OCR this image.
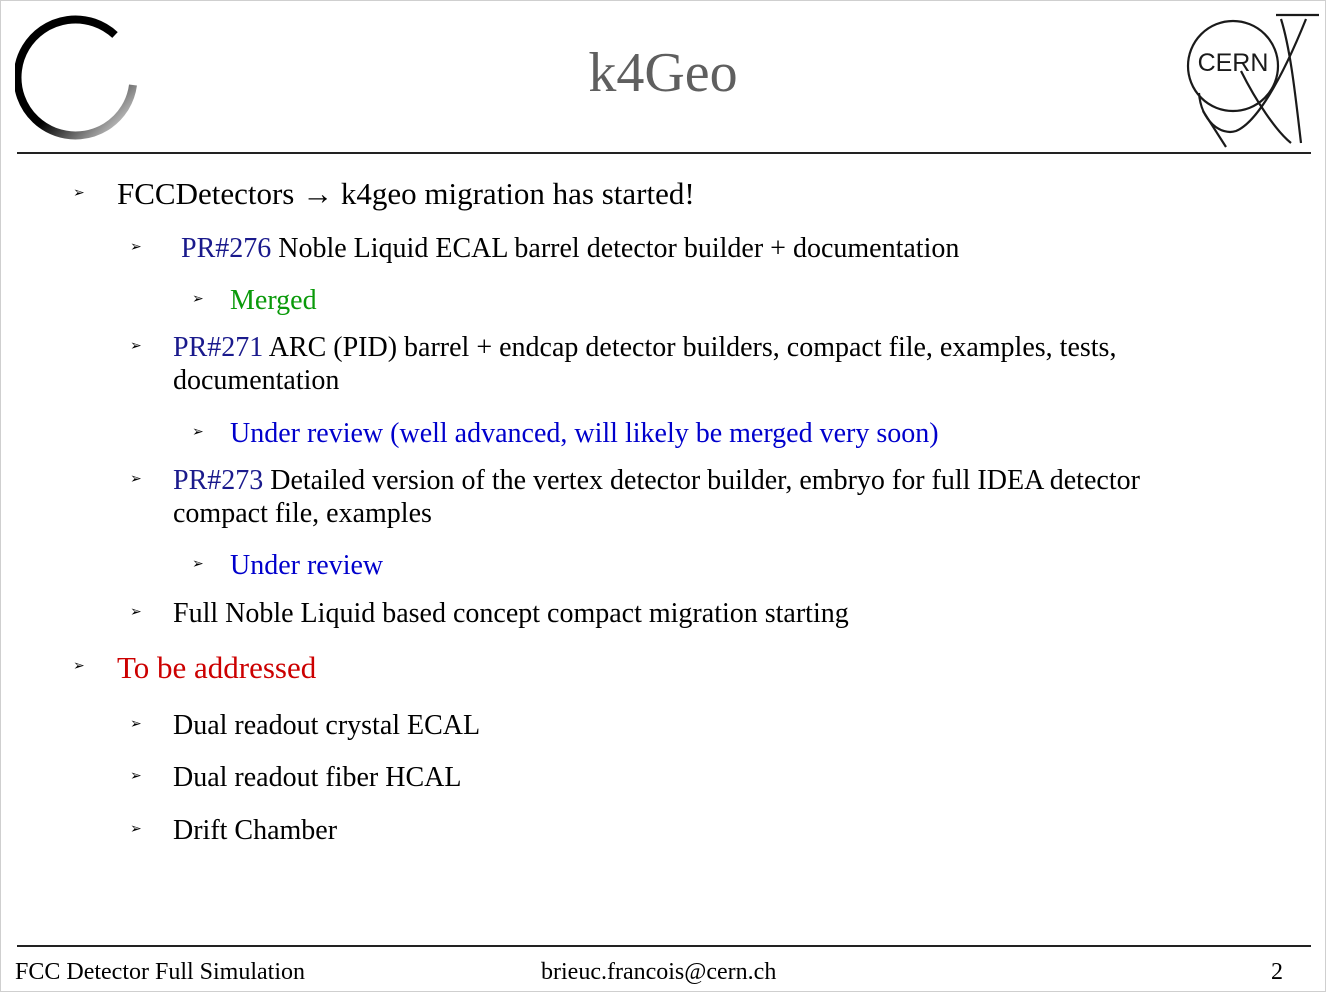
CERN
k4Geo
➢ FCCDetectors → k4geo migration has started!
➢ PR#276 Noble Liquid ECAL barrel detector builder + documentation
➢ Merged
➢ PR#271 ARC (PID) barrel + endcap detector builders, compact file, examples, tests,
documentation
➢ Under review (well advanced, will likely be merged very soon)
➢ PR#273 Detailed version of the vertex detector builder, embryo for full IDEA detector
compact file, examples
➢ Under review
➢ Full Noble Liquid based concept compact migration starting
➢ To be addressed
➢ Dual readout crystal ECAL
➢ Dual readout fiber HCAL
➢ Drift Chamber
FCC Detector Full Simulation	brieuc.francois@cern.ch	2
